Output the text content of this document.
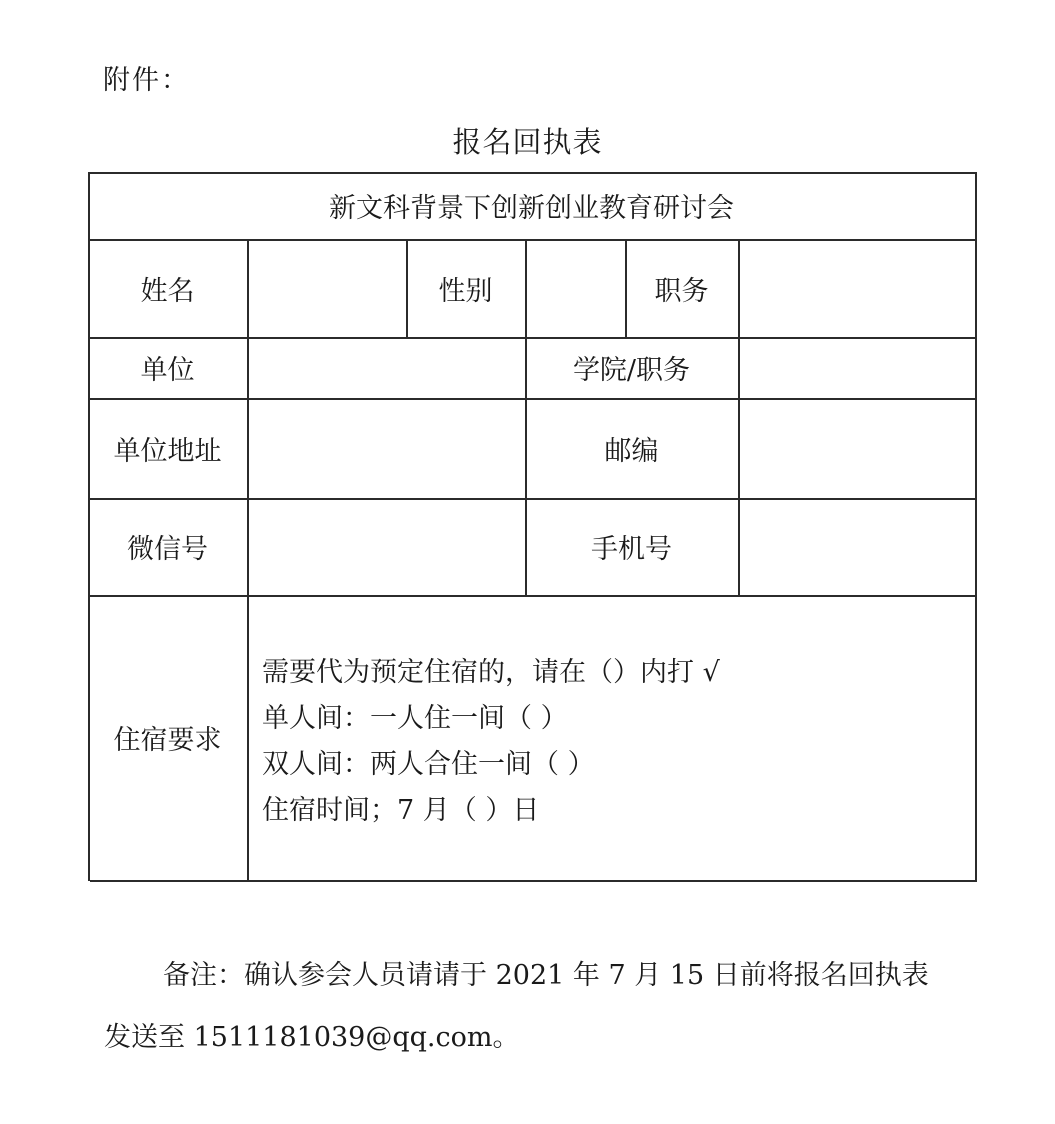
附件：
报名回执表
新文科背景下创新创业教育研讨会
姓名	性别	职务
单位	学院/职务
单位地址	邮编
微信号	手机号
住宿要求
需要代为预定住宿的，请在（）内打 √
单人间：一人住一间（ ）
双人间：两人合住一间（ ）
住宿时间；7 月（ ）日
备注：确认参会人员请请于 2021 年 7 月 15 日前将报名回执表
发送至 1511181039@qq.com。
